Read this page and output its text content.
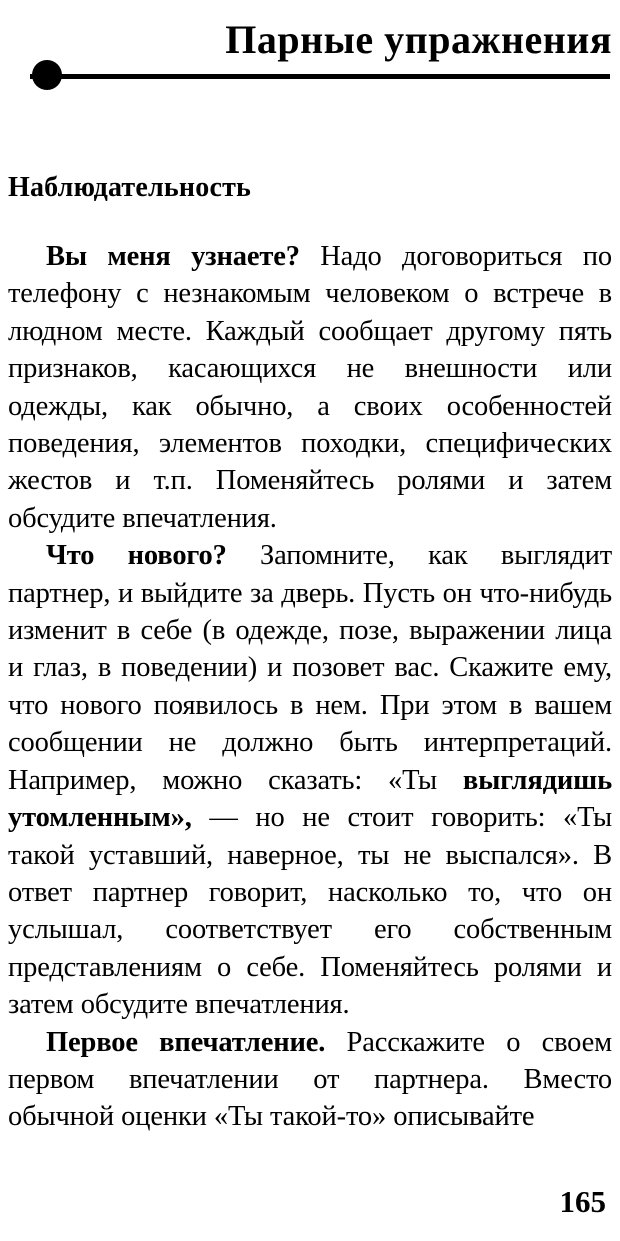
Парные упражнения
Наблюдательность

Вы меня узнаете? Надо договориться по телефону с незнакомым человеком о встрече в людном месте. Каждый сообщает другому пять признаков, касающихся не внешности или одежды, как обычно, а своих особенностей поведения, элементов походки, специфических жестов и т.п. Поменяйтесь ролями и затем обсудите впечатления.

Что нового? Запомните, как выглядит партнер, и выйдите за дверь. Пусть он что-нибудь изменит в себе (в одежде, позе, выражении лица и глаз, в поведении) и позовет вас. Скажите ему, что нового появилось в нем. При этом в вашем сообщении не должно быть интерпретаций. Например, можно сказать: «Ты выглядишь утомленным», — но не стоит говорить: «Ты такой уставший, наверное, ты не выспался». В ответ партнер говорит, насколько то, что он услышал, соответствует его собственным представлениям о себе. Поменяйтесь ролями и затем обсудите впечатления.

Первое впечатление. Расскажите о своем первом впечатлении от партнера. Вместо обычной оценки «Ты такой-то» описывайте

165
